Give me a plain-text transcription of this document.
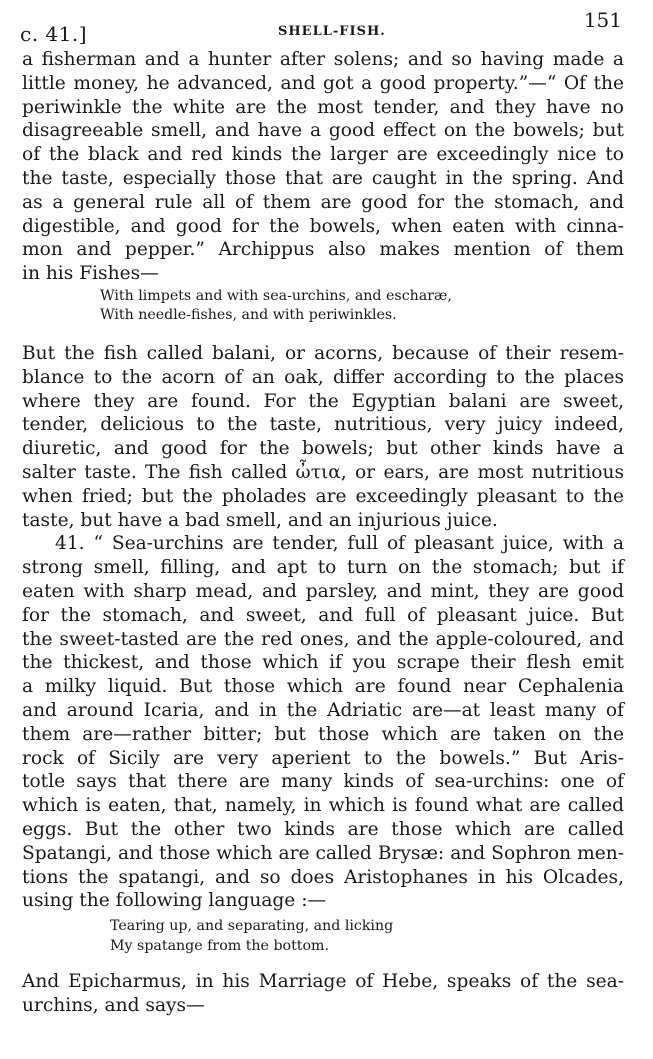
c. 41.]	SHELL-FISH.	151
a fisherman and a hunter after solens; and so having made a
little money, he advanced, and got a good property.”—“ Of the
periwinkle the white are the most tender, and they have no
disagreeable smell, and have a good effect on the bowels; but
of the black and red kinds the larger are exceedingly nice to
the taste, especially those that are caught in the spring. And
as a general rule all of them are good for the stomach, and
digestible, and good for the bowels, when eaten with cinna-
mon and pepper.” Archippus also makes mention of them
in his Fishes—
With limpets and with sea-urchins, and escharæ,
With needle-fishes, and with periwinkles.
But the fish called balani, or acorns, because of their resem-
blance to the acorn of an oak, differ according to the places
where they are found. For the Egyptian balani are sweet,
tender, delicious to the taste, nutritious, very juicy indeed,
diuretic, and good for the bowels; but other kinds have a
salter taste. The fish called ὦτια, or ears, are most nutritious
when fried; but the pholades are exceedingly pleasant to the
taste, but have a bad smell, and an injurious juice.
41. “ Sea-urchins are tender, full of pleasant juice, with a
strong smell, filling, and apt to turn on the stomach; but if
eaten with sharp mead, and parsley, and mint, they are good
for the stomach, and sweet, and full of pleasant juice. But
the sweet-tasted are the red ones, and the apple-coloured, and
the thickest, and those which if you scrape their flesh emit
a milky liquid. But those which are found near Cephalenia
and around Icaria, and in the Adriatic are—at least many of
them are—rather bitter; but those which are taken on the
rock of Sicily are very aperient to the bowels.” But Aris-
totle says that there are many kinds of sea-urchins: one of
which is eaten, that, namely, in which is found what are called
eggs. But the other two kinds are those which are called
Spatangi, and those which are called Brysæ: and Sophron men-
tions the spatangi, and so does Aristophanes in his Olcades,
using the following language :—
Tearing up, and separating, and licking
My spatange from the bottom.
And Epicharmus, in his Marriage of Hebe, speaks of the sea-
urchins, and says—
